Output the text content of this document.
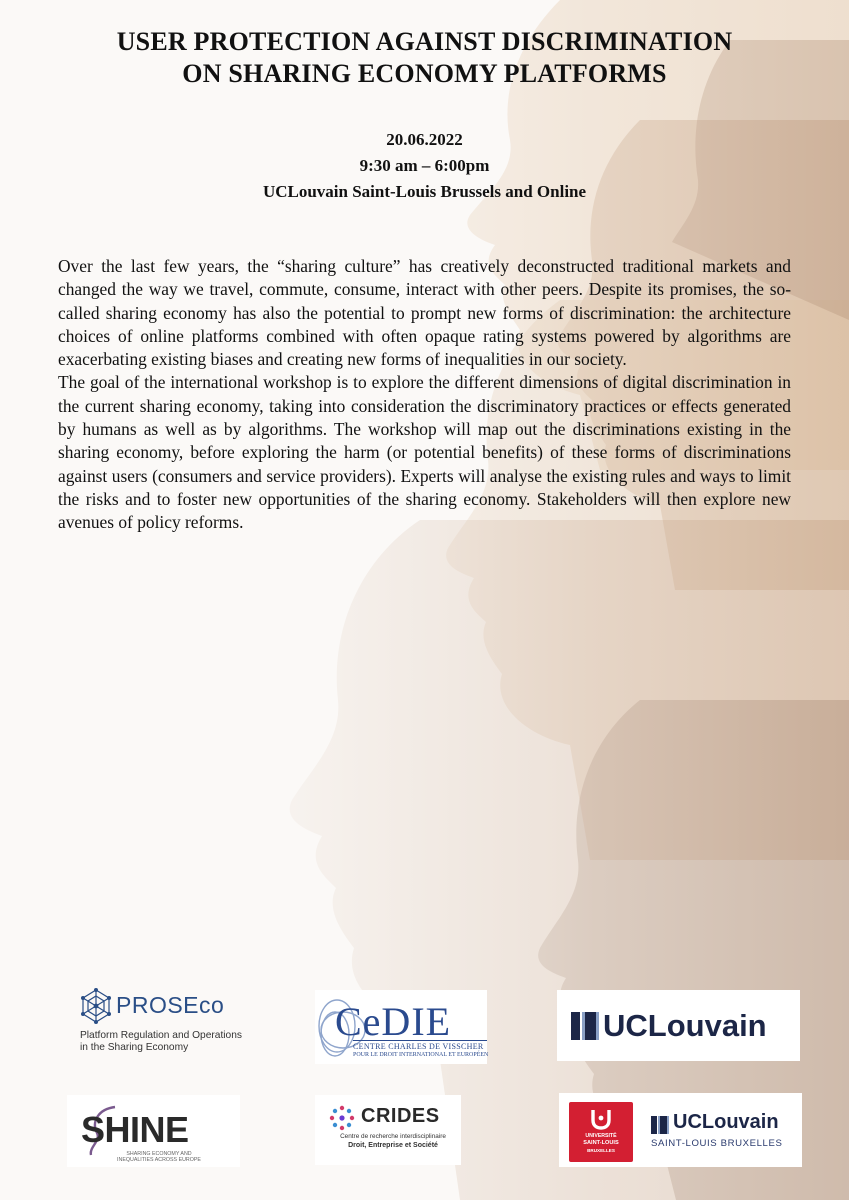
USER PROTECTION AGAINST DISCRIMINATION
ON SHARING ECONOMY PLATFORMS
20.06.2022
9:30 am – 6:00pm
UCLouvain Saint-Louis Brussels and Online

Over the last few years, the “sharing culture” has creatively deconstructed traditional markets and changed the way we travel, commute, consume, interact with other peers. Despite its promises, the so-called sharing economy has also the potential to prompt new forms of discrimination: the architecture choices of online platforms combined with often opaque rating systems powered by algorithms are exacerbating existing biases and creating new forms of inequalities in our society.

The goal of the international workshop is to explore the different dimensions of digital discrimination in the current sharing economy, taking into consideration the discriminatory practices or effects generated by humans as well as by algorithms. The workshop will map out the discriminations existing in the sharing economy, before exploring the harm (or potential benefits) of these forms of discriminations against users (consumers and service providers). Experts will analyse the existing rules and ways to limit the risks and to foster new opportunities of the sharing economy. Stakeholders will then explore new avenues of policy reforms.

PROSEco
Platform Regulation and Operations
in the Sharing Economy
CeDIE
CENTRE CHARLES DE VISSCHER
POUR LE DROIT INTERNATIONAL ET EUROPÉEN
UCLouvain
SHINE
SHARING ECONOMY AND
INEQUALITIES ACROSS EUROPE
CRIDES
Centre de recherche interdisciplinaire
Droit, Entreprise et Société
UNIVERSITÉ
SAINT-LOUIS
BRUXELLES
UCLouvain
SAINT-LOUIS BRUXELLES
